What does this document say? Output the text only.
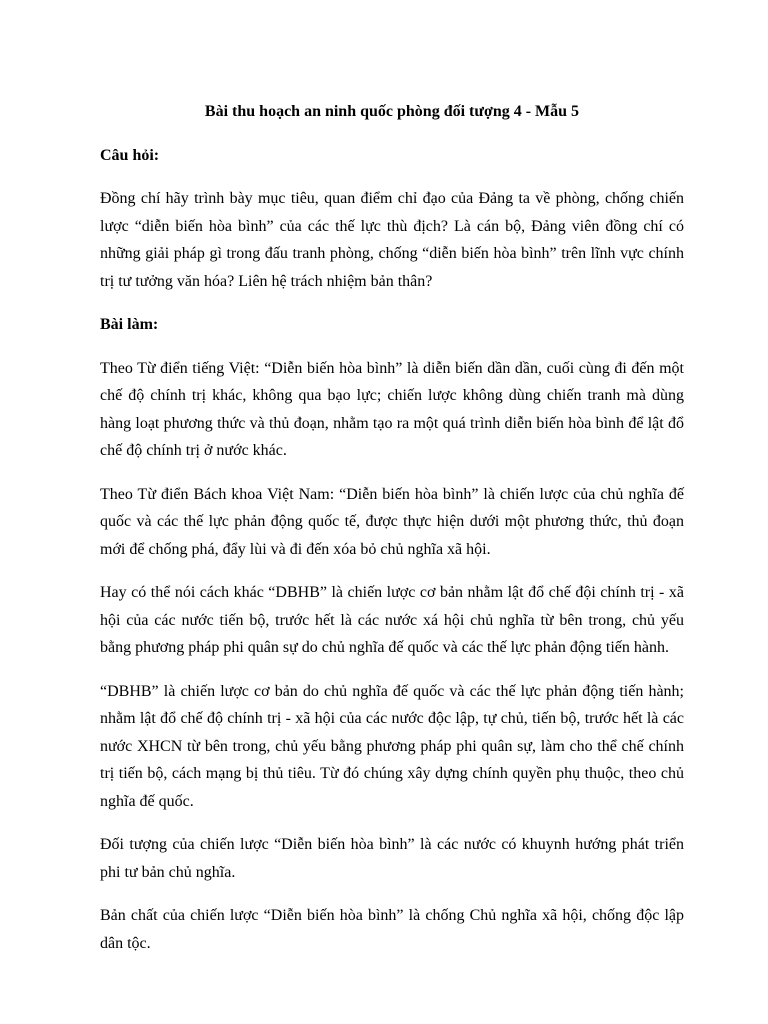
Bài thu hoạch an ninh quốc phòng đối tượng 4 - Mẫu 5

Câu hỏi:

Đồng chí hãy trình bày mục tiêu, quan điểm chỉ đạo của Đảng ta về phòng, chống chiến lược “diễn biến hòa bình” của các thế lực thù địch? Là cán bộ, Đảng viên đồng chí có những giải pháp gì trong đấu tranh phòng, chống “diễn biến hòa bình” trên lĩnh vực chính trị tư tưởng văn hóa? Liên hệ trách nhiệm bản thân?

Bài làm:

Theo Từ điển tiếng Việt: “Diễn biến hòa bình” là diễn biến dần dần, cuối cùng đi đến một chế độ chính trị khác, không qua bạo lực; chiến lược không dùng chiến tranh mà dùng hàng loạt phương thức và thủ đoạn, nhằm tạo ra một quá trình diễn biến hòa bình để lật đổ chế độ chính trị ở nước khác.

Theo Từ điển Bách khoa Việt Nam: “Diễn biến hòa bình” là chiến lược của chủ nghĩa đế quốc và các thế lực phản động quốc tế, được thực hiện dưới một phương thức, thủ đoạn mới để chống phá, đẩy lùi và đi đến xóa bỏ chủ nghĩa xã hội.

Hay có thể nói cách khác “DBHB” là chiến lược cơ bản nhằm lật đổ chế đội chính trị - xã hội của các nước tiến bộ, trước hết là các nước xá hội chủ nghĩa từ bên trong, chủ yếu bằng phương pháp phi quân sự do chủ nghĩa đế quốc và các thế lực phản động tiến hành.

“DBHB” là chiến lược cơ bản do chủ nghĩa đế quốc và các thế lực phản động tiến hành; nhằm lật đổ chế độ chính trị - xã hội của các nước độc lập, tự chủ, tiến bộ, trước hết là các nước XHCN từ bên trong, chủ yếu bằng phương pháp phi quân sự, làm cho thể chế chính trị tiến bộ, cách mạng bị thủ tiêu. Từ đó chúng xây dựng chính quyền phụ thuộc, theo chủ nghĩa đế quốc.

Đối tượng của chiến lược “Diễn biến hòa bình” là các nước có khuynh hướng phát triển phi tư bản chủ nghĩa.

Bản chất của chiến lược “Diễn biến hòa bình” là chống Chủ nghĩa xã hội, chống độc lập dân tộc.
